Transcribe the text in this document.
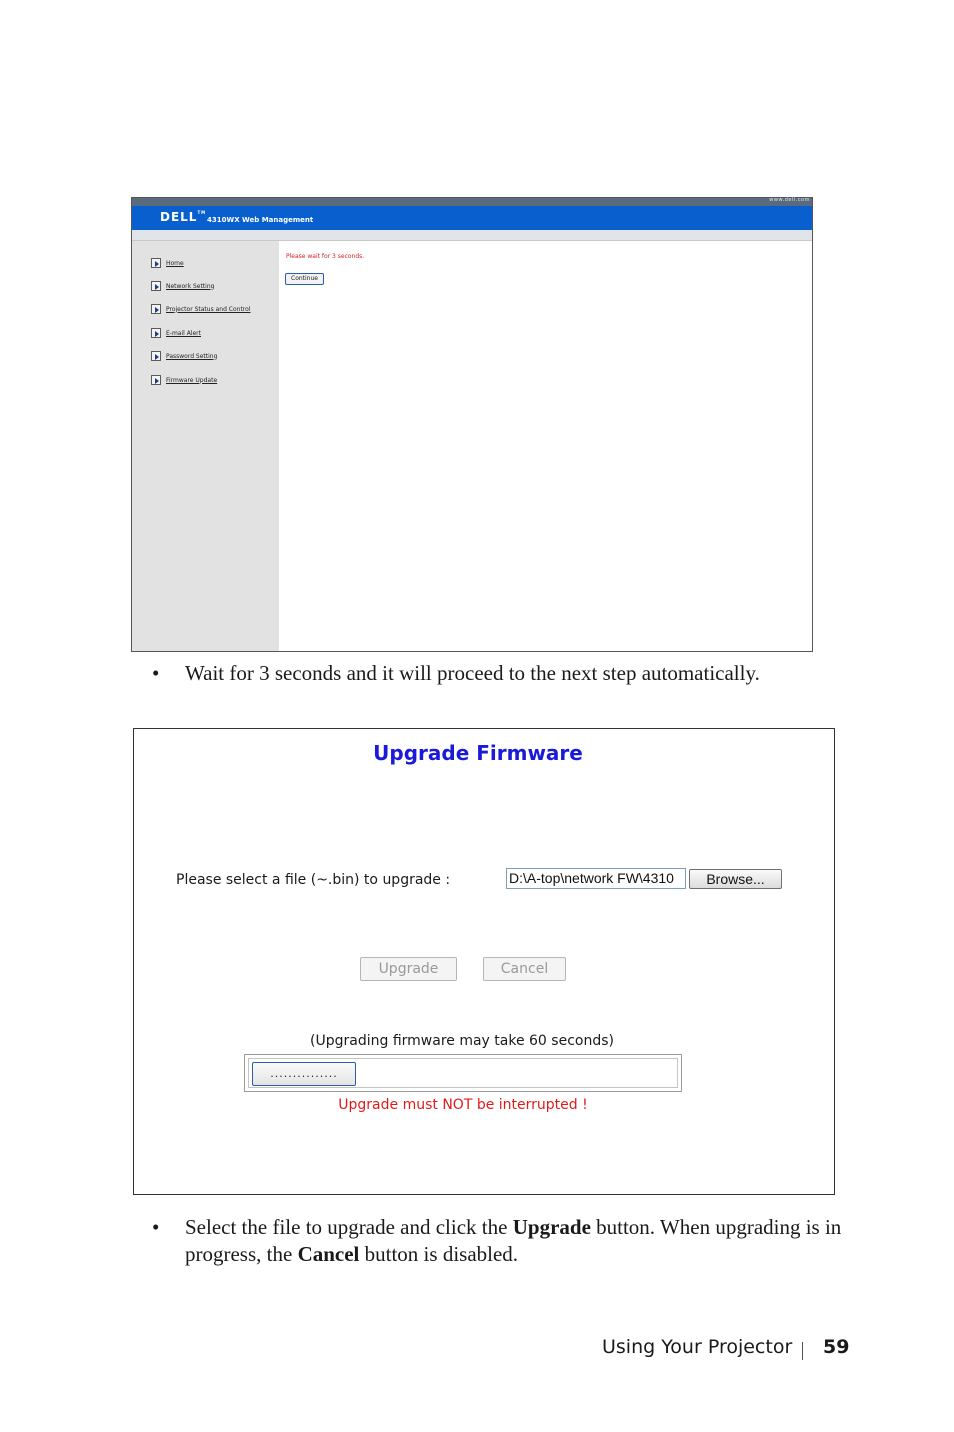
www.dell.com
DELL™
4310WX Web Management
Home
Network Setting
Projector Status and Control
E-mail Alert
Password Setting
Firmware Update
Please wait for 3 seconds.
Continue
• Wait for 3 seconds and it will proceed to the next step automatically.
Upgrade Firmware
Please select a file (~.bin) to upgrade :	D:\A-top\network FW\4310	Browse...
Upgrade	Cancel
(Upgrading firmware may take 60 seconds)
...............
Upgrade must NOT be interrupted !
• Select the file to upgrade and click the Upgrade button. When upgrading is in progress, the Cancel button is disabled.
Using Your Projector 59
